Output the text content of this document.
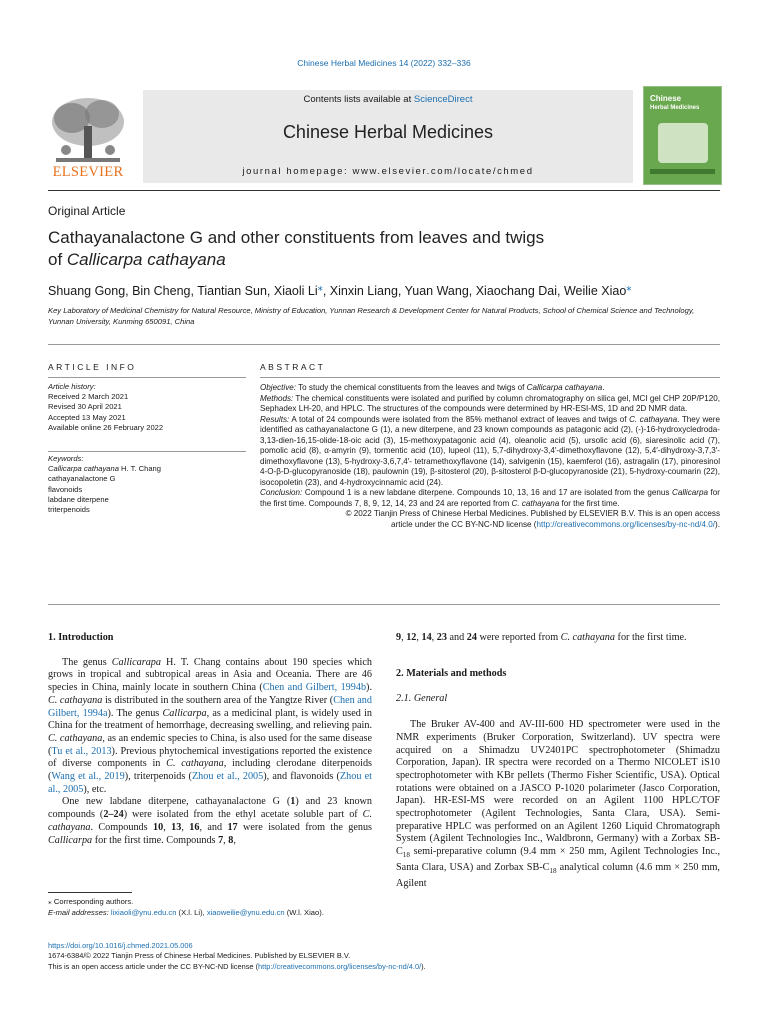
Chinese Herbal Medicines 14 (2022) 332–336
Contents lists available at ScienceDirect
Chinese Herbal Medicines
journal homepage: www.elsevier.com/locate/chmed
ELSEVIER
Chinese
Herbal Medicines
Original Article
Cathayanalactone G and other constituents from leaves and twigs
of Callicarpa cathayana
Shuang Gong, Bin Cheng, Tiantian Sun, Xiaoli Li⁎, Xinxin Liang, Yuan Wang, Xiaochang Dai, Weilie Xiao⁎
Key Laboratory of Medicinal Chemistry for Natural Resource, Ministry of Education, Yunnan Research & Development Center for Natural Products, School of Chemical Science and Technology, Yunnan University, Kunming 650091, China
ARTICLE INFO	ABSTRACT
Article history:
Received 2 March 2021
Revised 30 April 2021
Accepted 13 May 2021
Available online 26 February 2022
Keywords:
Callicarpa cathayana H. T. Chang
cathayanalactone G
flavonoids
labdane diterpene
triterpenoids

Objective: To study the chemical constituents from the leaves and twigs of Callicarpa cathayana.

Methods: The chemical constituents were isolated and purified by column chromatography on silica gel, MCI gel CHP 20P/P120, Sephadex LH-20, and HPLC. The structures of the compounds were determined by HR-ESI-MS, 1D and 2D NMR data.

Results: A total of 24 compounds were isolated from the 85% methanol extract of leaves and twigs of C. cathayana. They were identified as cathayanalactone G (1), a new diterpene, and 23 known compounds as patagonic acid (2), (-)-16-hydroxycledroda-3,13-dien-16,15-olide-18-oic acid (3), 15-methoxypatagonic acid (4), oleanolic acid (5), ursolic acid (6), siaresinolic acid (7), pomolic acid (8), α-amyrin (9), tormentic acid (10), lupeol (11), 5,7-dihydroxy-3,4′-dimethoxyflavone (12), 5,4′-dihydroxy-3,7,3′-dimethoxyflavone (13), 5-hydroxy-3,6,7,4′- tetramethoxyflavone (14), salvigenin (15), kaemferol (16), astragalin (17), pinoresinol 4-O-β-D-glucopyranoside (18), paulownin (19), β-sitosterol (20), β-sitosterol β-D-glucopyranoside (21), 5-hydroxy-coumarin (22), isocopoletin (23), and 4-hydroxycinnamic acid (24).

Conclusion: Compound 1 is a new labdane diterpene. Compounds 10, 13, 16 and 17 are isolated from the genus Callicarpa for the first time. Compounds 7, 8, 9, 12, 14, 23 and 24 are reported from C. cathayana for the first time.

© 2022 Tianjin Press of Chinese Herbal Medicines. Published by ELSEVIER B.V. This is an open access
article under the CC BY-NC-ND license (http://creativecommons.org/licenses/by-nc-nd/4.0/).

1. Introduction

The genus Callicarapa H. T. Chang contains about 190 species which grows in tropical and subtropical areas in Asia and Oceania. There are 46 species in China, mainly locate in southern China (Chen and Gilbert, 1994b). C. cathayana is distributed in the southern area of the Yangtze River (Chen and Gilbert, 1994a). The genus Callicarpa, as a medicinal plant, is widely used in China for the treatment of hemorrhage, decreasing swelling, and relieving pain. C. cathayana, as an endemic species to China, is also used for the same disease (Tu et al., 2013). Previous phytochemical investigations reported the existence of diverse components in C. cathayana, including clerodane diterpenoids (Wang et al., 2019), triterpenoids (Zhou et al., 2005), and flavonoids (Zhou et al., 2005), etc.

One new labdane diterpene, cathayanalactone G (1) and 23 known compounds (2–24) were isolated from the ethyl acetate soluble part of C. cathayana. Compounds 10, 13, 16, and 17 were isolated from the genus Callicarpa for the first time. Compounds 7, 8,

9, 12, 14, 23 and 24 were reported from C. cathayana for the first time.

2. Materials and methods
2.1. General

The Bruker AV-400 and AV-III-600 HD spectrometer were used in the NMR experiments (Bruker Corporation, Switzerland). UV spectra were acquired on a Shimadzu UV2401PC spectrophotometer (Shimadzu Corporation, Japan). IR spectra were recorded on a Thermo NICOLET iS10 spectrophotometer with KBr pellets (Thermo Fisher Scientific, USA). Optical rotations were obtained on a JASCO P-1020 polarimeter (Jasco Corporation, Japan). HR-ESI-MS were recorded on an Agilent 1100 HPLC/TOF spectrophotometer (Agilent Technologies, Santa Clara, USA). Semi-preparative HPLC was performed on an Agilent 1260 Liquid Chromatograph System (Agilent Technologies Inc., Waldbronn, Germany) with a Zorbax $SB-C_{18}$ semi-preparative column (9.4 mm × 250 mm, Agilent Technologies Inc., Santa Clara, USA) and Zorbax $SB-C_{18}$ analytical column (4.6 mm × 250 mm, Agilent

⁎ Corresponding authors.
E-mail addresses: lixiaoli@ynu.edu.cn (X.l. Li), xiaoweilie@ynu.edu.cn (W.l. Xiao).
https://doi.org/10.1016/j.chmed.2021.05.006
1674-6384/© 2022 Tianjin Press of Chinese Herbal Medicines. Published by ELSEVIER B.V.
This is an open access article under the CC BY-NC-ND license (http://creativecommons.org/licenses/by-nc-nd/4.0/).
